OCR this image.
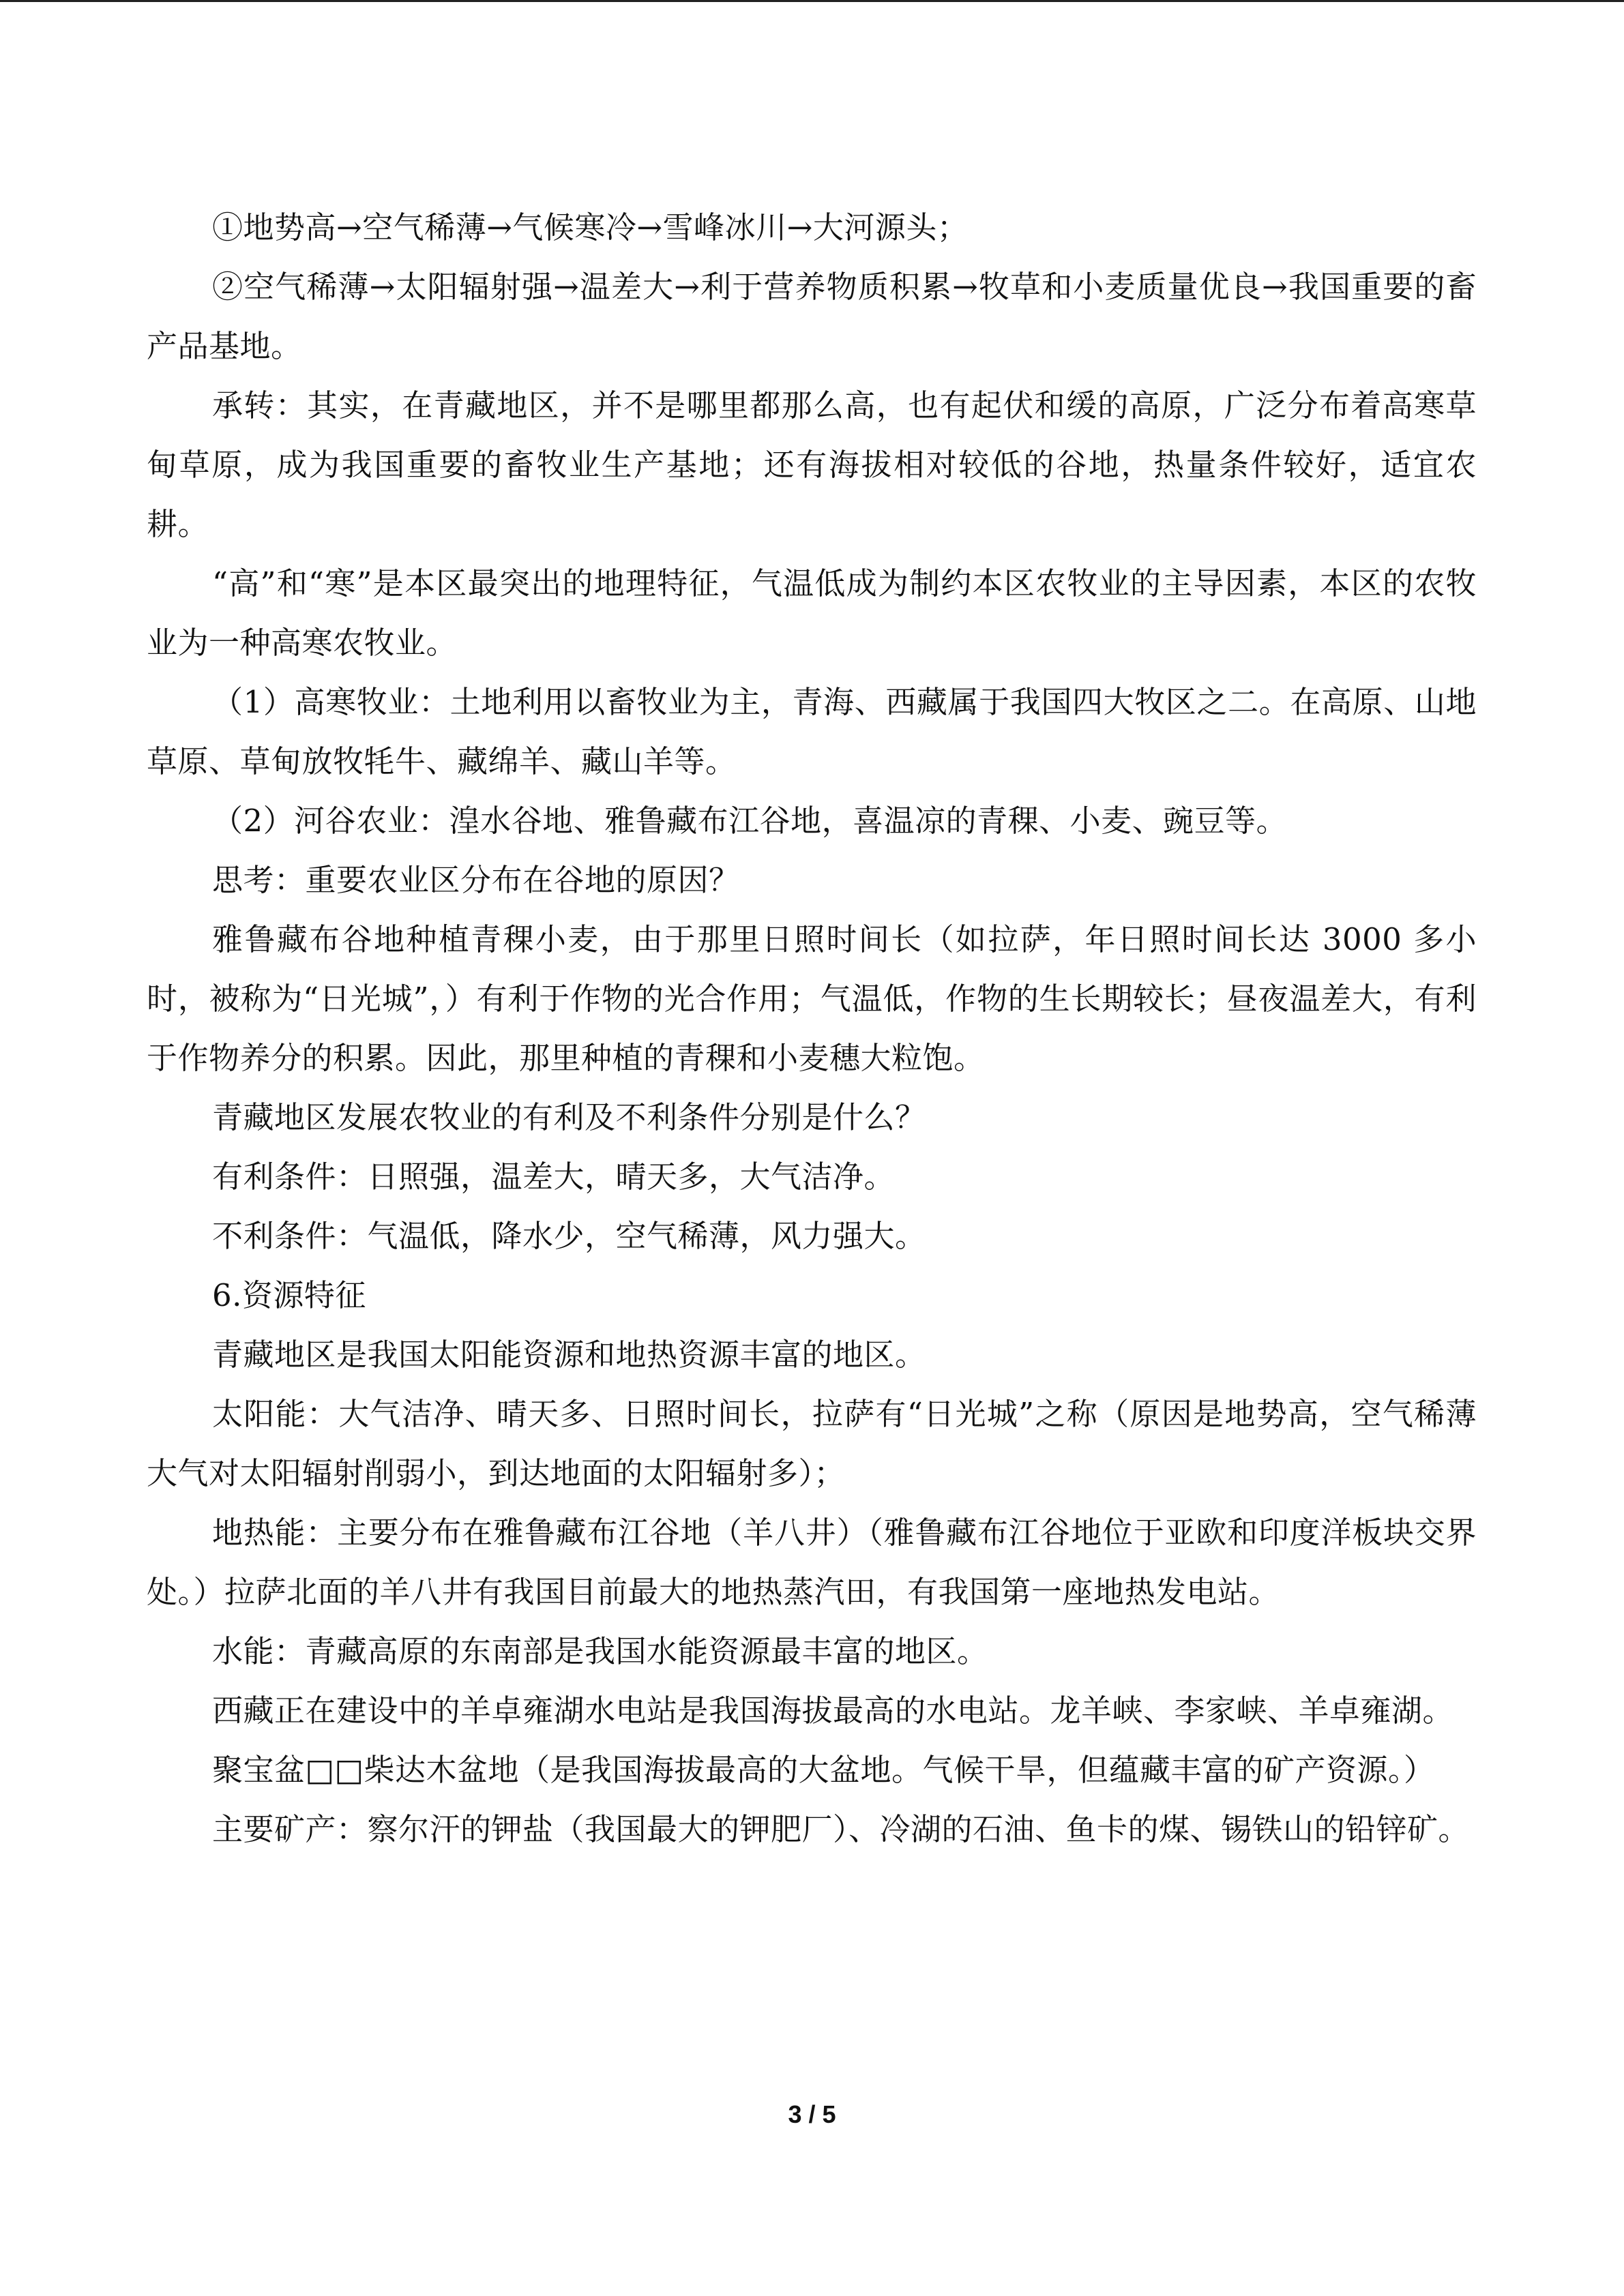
①地势高→空气稀薄→气候寒冷→雪峰冰川→大河源头；

②空气稀薄→太阳辐射强→温差大→利于营养物质积累→牧草和小麦质量优良→我国重要的畜产品基地。

承转：其实，在青藏地区，并不是哪里都那么高，也有起伏和缓的高原，广泛分布着高寒草甸草原，成为我国重要的畜牧业生产基地；还有海拔相对较低的谷地，热量条件较好，适宜农耕。

“高”和“寒”是本区最突出的地理特征，气温低成为制约本区农牧业的主导因素，本区的农牧业为一种高寒农牧业。

（1）高寒牧业：土地利用以畜牧业为主，青海、西藏属于我国四大牧区之二。在高原、山地草原、草甸放牧牦牛、藏绵羊、藏山羊等。

（2）河谷农业：湟水谷地、雅鲁藏布江谷地，喜温凉的青稞、小麦、豌豆等。

思考：重要农业区分布在谷地的原因？

雅鲁藏布谷地种植青稞小麦，由于那里日照时间长（如拉萨，年日照时间长达 3000 多小时，被称为“日光城”，）有利于作物的光合作用；气温低，作物的生长期较长；昼夜温差大，有利于作物养分的积累。因此，那里种植的青稞和小麦穗大粒饱。

青藏地区发展农牧业的有利及不利条件分别是什么？

有利条件：日照强，温差大，晴天多，大气洁净。

不利条件：气温低，降水少，空气稀薄，风力强大。

6.资源特征

青藏地区是我国太阳能资源和地热资源丰富的地区。

太阳能：大气洁净、晴天多、日照时间长，拉萨有“日光城”之称（原因是地势高，空气稀薄大气对太阳辐射削弱小，到达地面的太阳辐射多）；

地热能：主要分布在雅鲁藏布江谷地（羊八井）（雅鲁藏布江谷地位于亚欧和印度洋板块交界处。）拉萨北面的羊八井有我国目前最大的地热蒸汽田，有我国第一座地热发电站。

水能：青藏高原的东南部是我国水能资源最丰富的地区。

西藏正在建设中的羊卓雍湖水电站是我国海拔最高的水电站。龙羊峡、李家峡、羊卓雍湖。

聚宝盆□□柴达木盆地（是我国海拔最高的大盆地。气候干旱，但蕴藏丰富的矿产资源。）

主要矿产：察尔汗的钾盐（我国最大的钾肥厂）、冷湖的石油、鱼卡的煤、锡铁山的铅锌矿。

3 / 5
